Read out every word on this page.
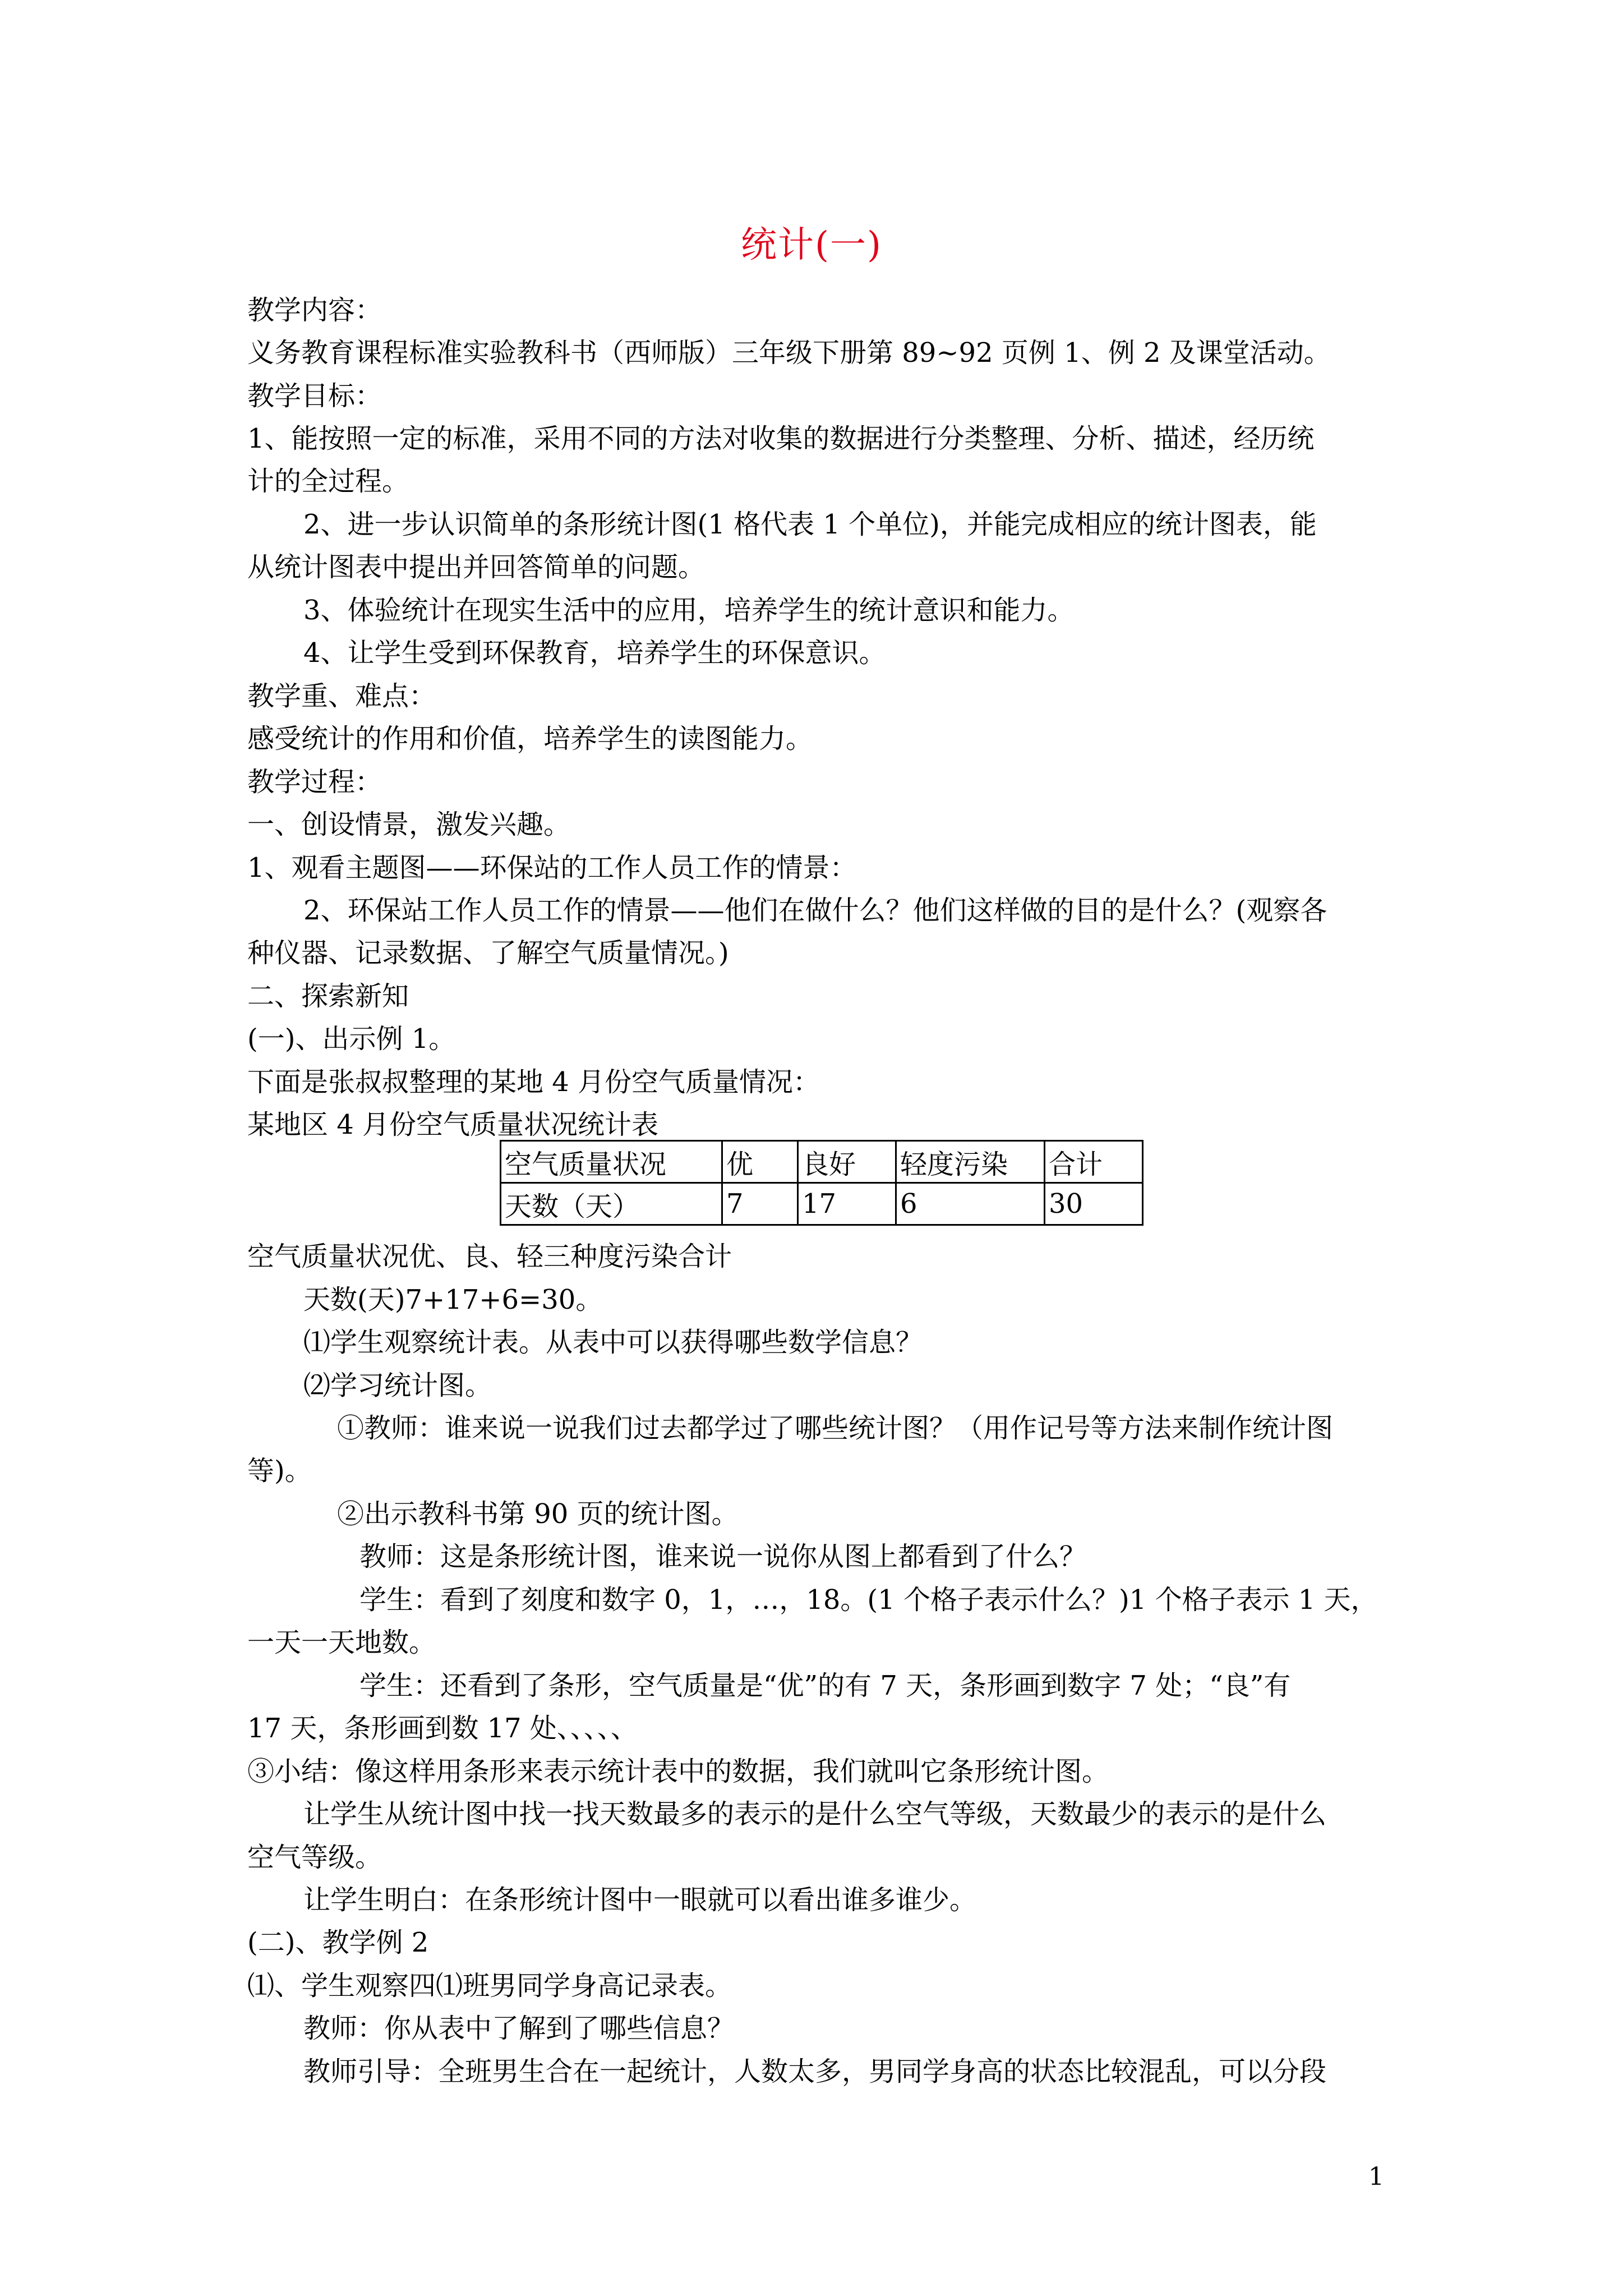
统计(一)
教学内容：
义务教育课程标准实验教科书（西师版）三年级下册第 89~92 页例 1、例 2 及课堂活动。
教学目标：
1、能按照一定的标准，采用不同的方法对收集的数据进行分类整理、分析、描述，经历统
计的全过程。
2、进一步认识简单的条形统计图(1 格代表 1 个单位)，并能完成相应的统计图表，能
从统计图表中提出并回答简单的问题。
3、体验统计在现实生活中的应用，培养学生的统计意识和能力。
4、让学生受到环保教育，培养学生的环保意识。
教学重、难点：
感受统计的作用和价值，培养学生的读图能力。
教学过程：
一、创设情景，激发兴趣。
1、观看主题图——环保站的工作人员工作的情景：
2、环保站工作人员工作的情景——他们在做什么？他们这样做的目的是什么？(观察各
种仪器、记录数据、了解空气质量情况。)
二、探索新知
(一)、出示例 1。
下面是张叔叔整理的某地 4 月份空气质量情况：
某地区 4 月份空气质量状况统计表
空气质量状况	优	良好	轻度污染	合计
天数（天）	7	17	6	30
空气质量状况优、良、轻三种度污染合计
天数(天)7+17+6=30。
⑴学生观察统计表。从表中可以获得哪些数学信息？
⑵学习统计图。
①教师：谁来说一说我们过去都学过了哪些统计图？（用作记号等方法来制作统计图
等)。
②出示教科书第 90 页的统计图。
教师：这是条形统计图，谁来说一说你从图上都看到了什么？
学生：看到了刻度和数字 0，1，…，18。(1 个格子表示什么？)1 个格子表示 1 天，
一天一天地数。
学生：还看到了条形，空气质量是“优”的有 7 天，条形画到数字 7 处；“良”有
17 天，条形画到数 17 处、、、、、
③小结：像这样用条形来表示统计表中的数据，我们就叫它条形统计图。
让学生从统计图中找一找天数最多的表示的是什么空气等级，天数最少的表示的是什么
空气等级。
让学生明白：在条形统计图中一眼就可以看出谁多谁少。
(二)、教学例 2
⑴、学生观察四⑴班男同学身高记录表。
教师：你从表中了解到了哪些信息？
教师引导：全班男生合在一起统计，人数太多，男同学身高的状态比较混乱，可以分段
1
